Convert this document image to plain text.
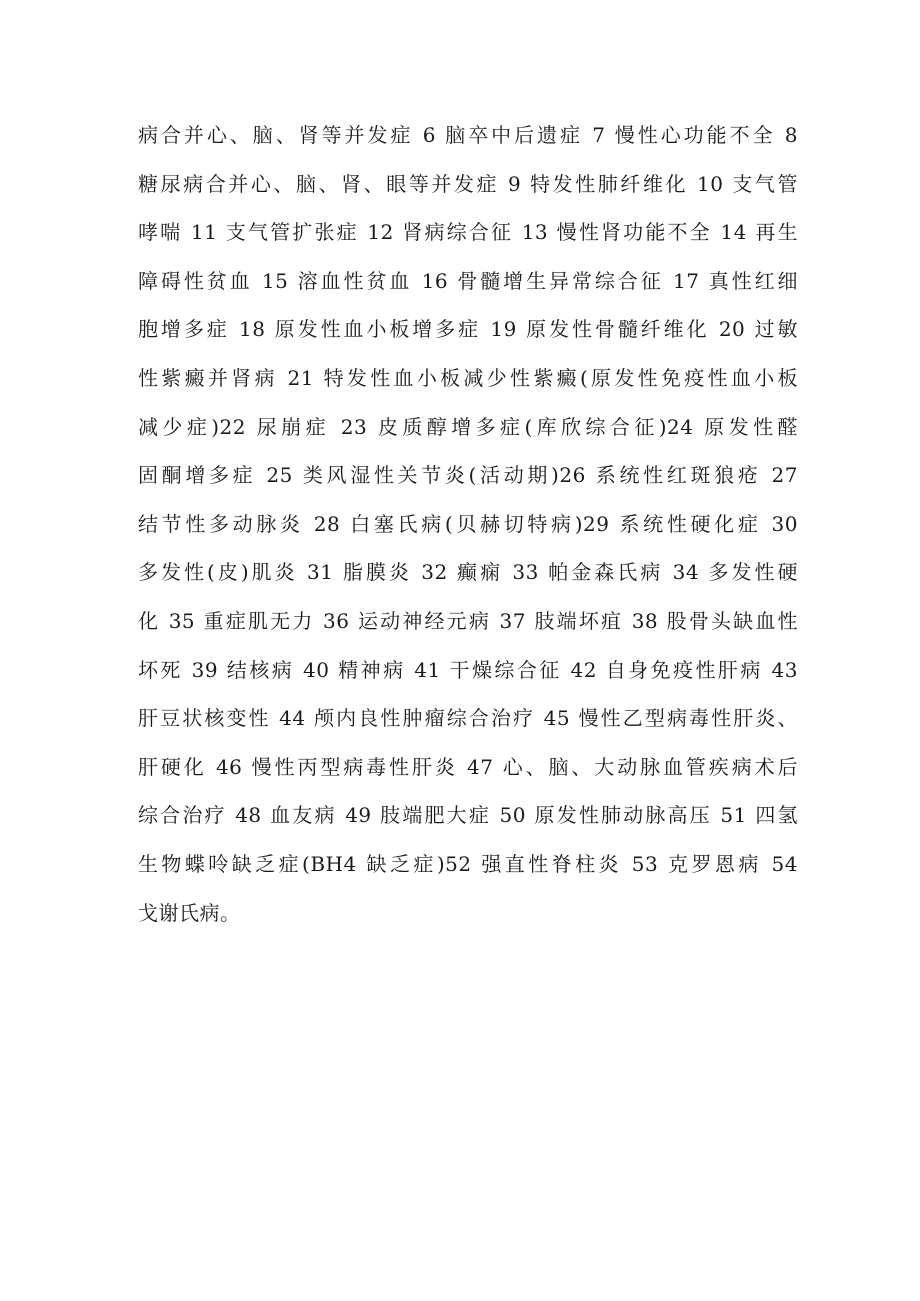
病合并心、脑、肾等并发症 6 脑卒中后遗症 7 慢性心功能不全 8
糖尿病合并心、脑、肾、眼等并发症 9 特发性肺纤维化 10 支气管
哮喘 11 支气管扩张症 12 肾病综合征 13 慢性肾功能不全 14 再生
障碍性贫血 15 溶血性贫血 16 骨髓增生异常综合征 17 真性红细
胞增多症 18 原发性血小板增多症 19 原发性骨髓纤维化 20 过敏
性紫癜并肾病 21 特发性血小板减少性紫癜(原发性免疫性血小板
减少症)22 尿崩症 23 皮质醇增多症(库欣综合征)24 原发性醛
固酮增多症 25 类风湿性关节炎(活动期)26 系统性红斑狼疮 27
结节性多动脉炎 28 白塞氏病(贝赫切特病)29 系统性硬化症 30
多发性(皮)肌炎 31 脂膜炎 32 癫痫 33 帕金森氏病 34 多发性硬
化 35 重症肌无力 36 运动神经元病 37 肢端坏疽 38 股骨头缺血性
坏死 39 结核病 40 精神病 41 干燥综合征 42 自身免疫性肝病 43
肝豆状核变性 44 颅内良性肿瘤综合治疗 45 慢性乙型病毒性肝炎、
肝硬化 46 慢性丙型病毒性肝炎 47 心、脑、大动脉血管疾病术后
综合治疗 48 血友病 49 肢端肥大症 50 原发性肺动脉高压 51 四氢
生物蝶呤缺乏症(BH4 缺乏症)52 强直性脊柱炎 53 克罗恩病 54
戈谢氏病。
